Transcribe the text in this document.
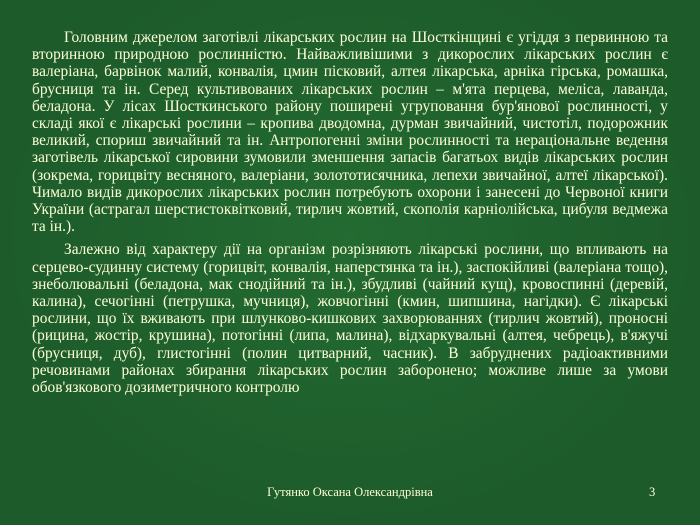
Головним джерелом заготівлі лікарських рослин на Шосткінщині є угіддя з первинною та вторинною природною рослинністю. Найважливішими з дикорослих лікарських рослин є валеріана, барвінок малий, конвалія, цмин пісковий, алтея лікарська, арніка гірська, ромашка, брусниця та ін. Серед культивованих лікарських рослин – м'ята перцева, меліса, лаванда, беладона. У лісах Шосткинського району поширені угруповання бур'янової рослинності, у складі якої є лікарські рослини – кропива дводомна, дурман звичайний, чистотіл, подорожник великий, спориш звичайний та ін. Антропогенні зміни рослинності та нераціональне ведення заготівель лікарської сировини зумовили зменшення запасів багатьох видів лікарських рослин (зокрема, горицвіту весняного, валеріани, золототисячника, лепехи звичайної, алтеї лікарської). Чимало видів дикорослих лікарських рослин потребують охорони і занесені до Червоної книги України (астрагал шерстистоквітковий, тирлич жовтий, скополія карніолійська, цибуля ведмежа та ін.).

Залежно від характеру дії на організм розрізняють лікарські рослини, що впливають на серцево-судинну систему (горицвіт, конвалія, наперстянка та ін.), заспокійливі (валеріана тощо), знеболювальні (беладона, мак снодійний та ін.), збудливі (чайний кущ), кровоспинні (деревій, калина), сечогінні (петрушка, мучниця), жовчогінні (кмин, шипшина, нагідки). Є лікарські рослини, що їх вживають при шлунково-кишкових захворюваннях (тирлич жовтий), проносні (рицина, жостір, крушина), потогінні (липа, малина), відхаркувальні (алтея, чебрець), в'яжучі (брусниця, дуб), глистогінні (полин цитварний, часник). В забруднених радіоактивними речовинами районах збирання лікарських рослин заборонено; можливе лише за умови обов'язкового дозиметричного контролю

Гутянко Оксана Олександрівна	3
